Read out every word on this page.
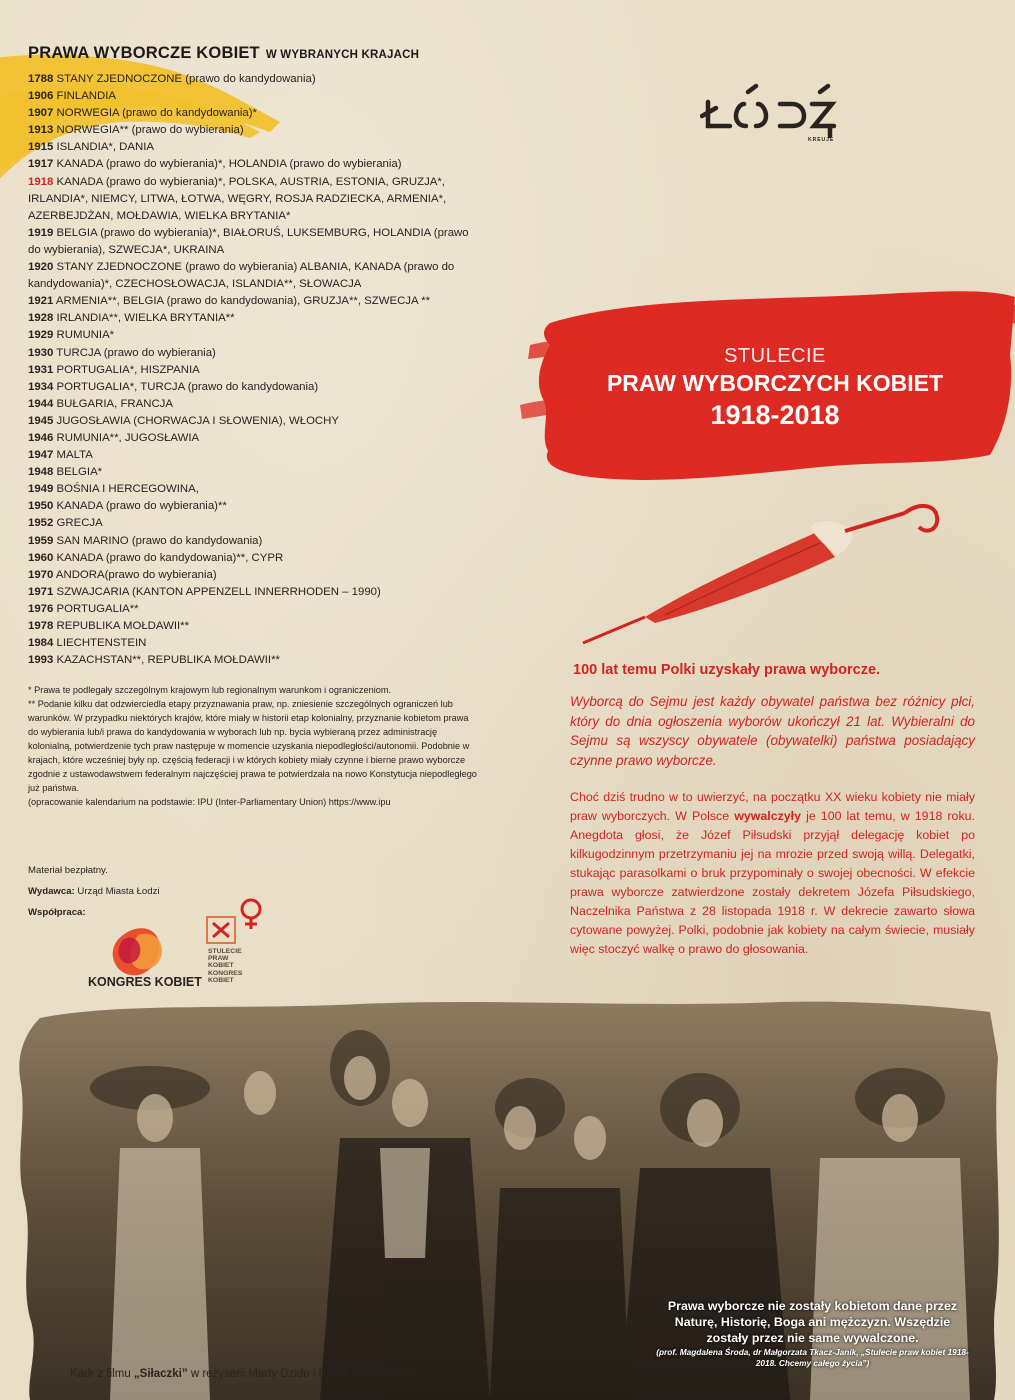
PRAWA WYBORCZE KOBIET W WYBRANYCH KRAJACH
1788 STANY ZJEDNOCZONE (prawo do kandydowania)
1906 FINLANDIA
1907 NORWEGIA (prawo do kandydowania)*
1913 NORWEGIA** (prawo do wybierania)
1915 ISLANDIA*, DANIA
1917 KANADA (prawo do wybierania)*, HOLANDIA (prawo do wybierania)
1918 KANADA (prawo do wybierania)*, POLSKA, AUSTRIA, ESTONIA, GRUZJA*, IRLANDIA*, NIEMCY, LITWA, ŁOTWA, WĘGRY, ROSJA RADZIECKA, ARMENIA*, AZERBEJDŻAN, MOŁDAWIA, WIELKA BRYTANIA*
1919 BELGIA (prawo do wybierania)*, BIAŁORUŚ, LUKSEMBURG, HOLANDIA (prawo do wybierania), SZWECJA*, UKRAINA
1920 STANY ZJEDNOCZONE (prawo do wybierania) ALBANIA, KANADA (prawo do kandydowania)*, CZECHOSŁOWACJA, ISLANDIA**, SŁOWACJA
1921 ARMENIA**, BELGIA (prawo do kandydowania), GRUZJA**, SZWECJA **
1928 IRLANDIA**, WIELKA BRYTANIA**
1929 RUMUNIA*
1930 TURCJA (prawo do wybierania)
1931 PORTUGALIA*, HISZPANIA
1934 PORTUGALIA*, TURCJA (prawo do kandydowania)
1944 BUŁGARIA, FRANCJA
1945 JUGOSŁAWIA (CHORWACJA I SŁOWENIA), WŁOCHY
1946 RUMUNIA**, JUGOSŁAWIA
1947 MALTA
1948 BELGIA*
1949 BOŚNIA I HERCEGOWINA,
1950 KANADA (prawo do wybierania)**
1952 GRECJA
1959 SAN MARINO (prawo do kandydowania)
1960 KANADA (prawo do kandydowania)**, CYPR
1970 ANDORA(prawo do wybierania)
1971 SZWAJCARIA (KANTON APPENZELL INNERRHODEN – 1990)
1976 PORTUGALIA**
1978 REPUBLIKA MOŁDAWII**
1984 LIECHTENSTEIN
1993 KAZACHSTAN**, REPUBLIKA MOŁDAWII**

* Prawa te podlegały szczególnym krajowym lub regionalnym warunkom i ograniczeniom.

** Podanie kilku dat odzwierciedla etapy przyznawania praw, np. zniesienie szczególnych ograniczeń lub warunków. W przypadku niektórych krajów, które miały w historii etap kolonialny, przyznanie kobietom prawa do wybierania lub/i prawa do kandydowania w wyborach lub np. bycia wybieraną przez administrację kolonialną, potwierdzenie tych praw następuje w momencie uzyskania niepodległości/autonomii. Podobnie w krajach, które wcześniej były np. częścią federacji i w których kobiety miały czynne i bierne prawo wyborcze zgodnie z ustawodawstwem federalnym najczęściej prawa te potwierdzała na nowo Konstytucja niepodległego już państwa.

(opracowanie kalendarium na podstawie: IPU (Inter-Parliamentary Union) https://www.ipu

Materiał bezpłatny.
Wydawca: Urząd Miasta Łodzi
Współpraca:
KONGRES KOBIET
STULECIE
PRAW
KOBIET
KONGRES
KOBIET
KREUJE

STULECIE

PRAW WYBORCZYCH KOBIET

1918-2018

100 lat temu Polki uzyskały prawa wyborcze.
Wyborcą do Sejmu jest każdy obywatel państwa bez różnicy płci, który do dnia ogłoszenia wyborów ukończył 21 lat. Wybieralni do Sejmu są wszyscy obywatele (obywatelki) państwa posiadający czynne prawo wyborcze.
Choć dziś trudno w to uwierzyć, na początku XX wieku kobiety nie miały praw wyborczych. W Polsce wywalczyły je 100 lat temu, w 1918 roku. Anegdota głosi, że Józef Piłsudski przyjął delegację kobiet po kilkugodzinnym przetrzymaniu jej na mrozie przed swoją willą. Delegatki, stukając parasolkami o bruk przypominały o swojej obecności. W efekcie prawa wyborcze zatwierdzone zostały dekretem Józefa Piłsudskiego, Naczelnika Państwa z 28 listopada 1918 r. W dekrecie zawarto słowa cytowane powyżej. Polki, podobnie jak kobiety na całym świecie, musiały więc stoczyć walkę o prawo do głosowania.
Kadr z filmu „Siłaczki” w reżyserii Marty Dzido i Piotra Śliwowskiego
Prawa wyborcze nie zostały kobietom dane przez Naturę, Historię, Boga ani mężczyzn. Wszędzie zostały przez nie same wywalczone.
(prof. Magdalena Środa, dr Małgorzata Tkacz-Janik, „Stulecie praw kobiet 1918-2018. Chcemy całego życia”)
